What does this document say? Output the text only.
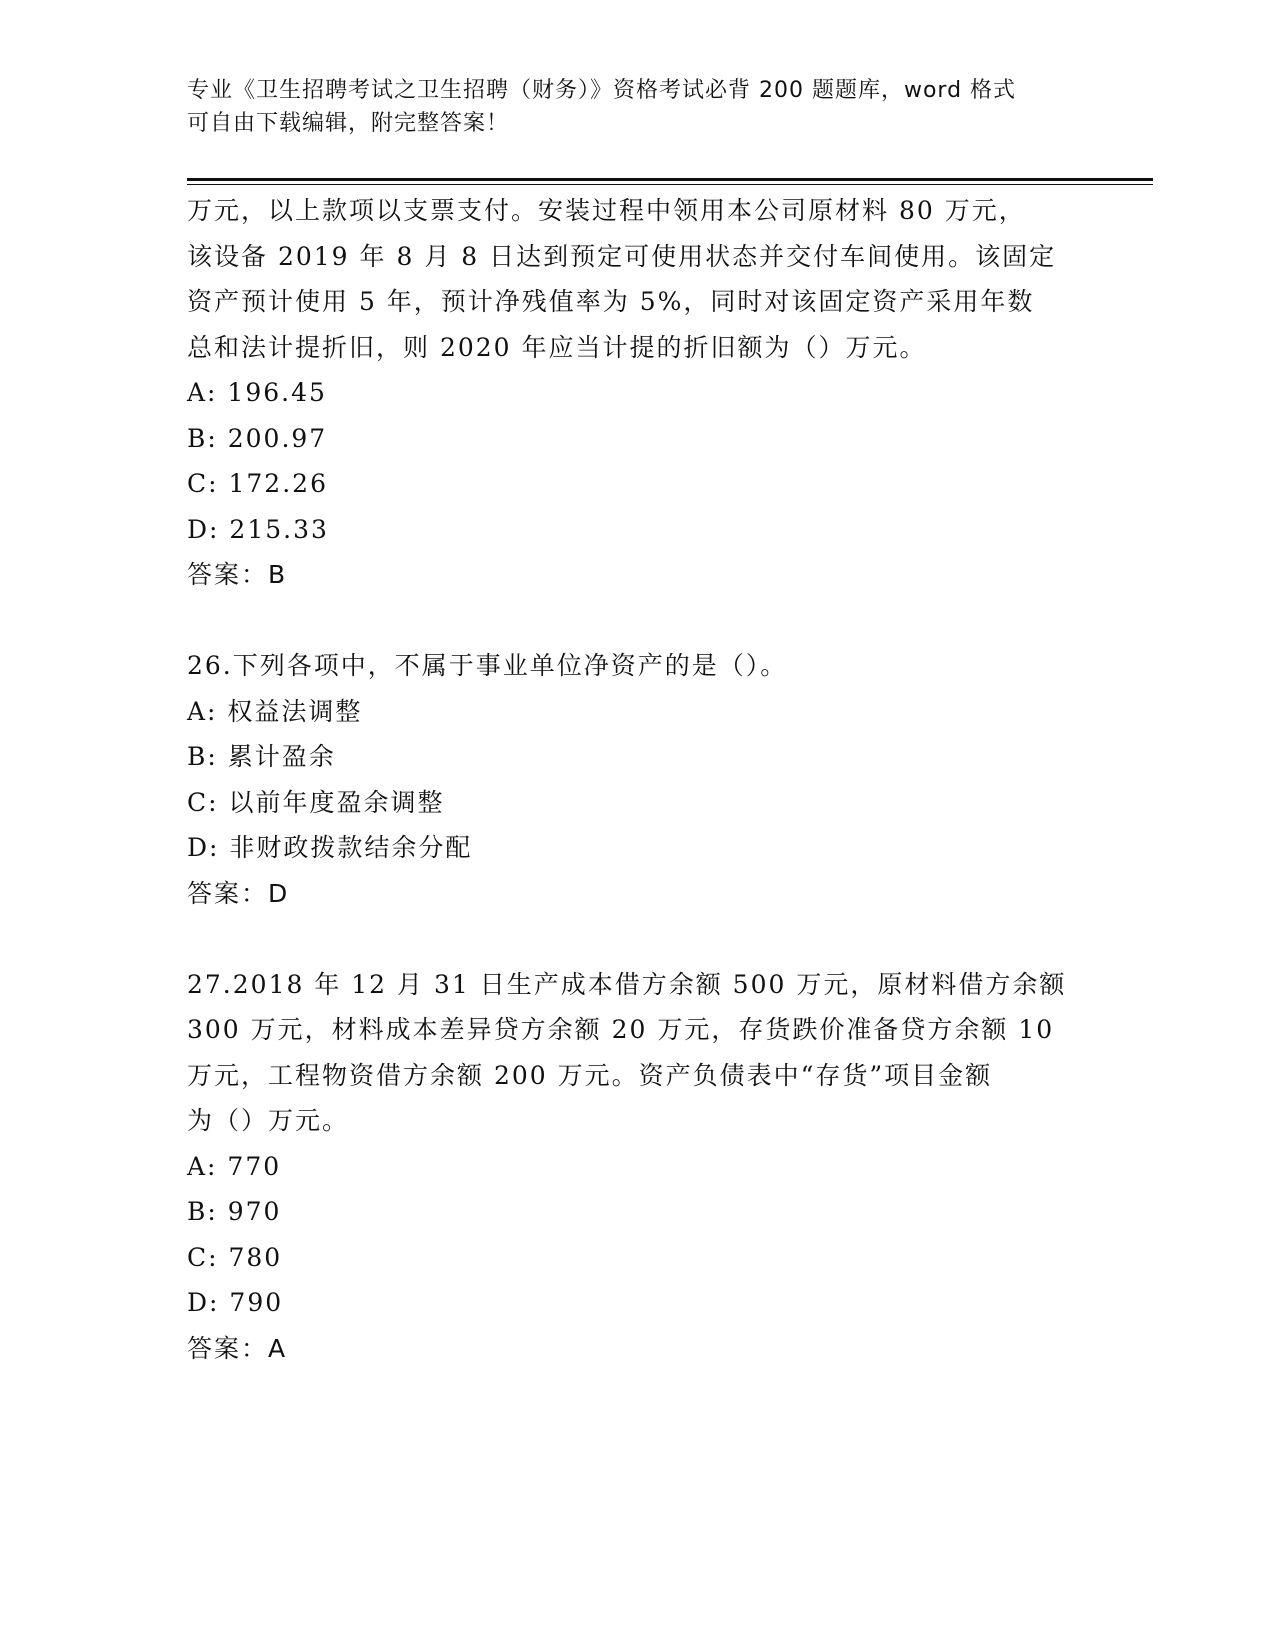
专业《卫生招聘考试之卫生招聘（财务）》资格考试必背 200 题题库，word 格式
可自由下载编辑，附完整答案！

万元，以上款项以支票支付。安装过程中领用本公司原材料 80 万元，

该设备 2019 年 8 月 8 日达到预定可使用状态并交付车间使用。该固定

资产预计使用 5 年，预计净残值率为 5%，同时对该固定资产采用年数

总和法计提折旧，则 2020 年应当计提的折旧额为（）万元。

A: 196.45

B: 200.97

C: 172.26

D: 215.33

答案：B

26.下列各项中，不属于事业单位净资产的是（）。

A: 权益法调整

B: 累计盈余

C: 以前年度盈余调整

D: 非财政拨款结余分配

答案：D

27.2018 年 12 月 31 日生产成本借方余额 500 万元，原材料借方余额

300 万元，材料成本差异贷方余额 20 万元，存货跌价准备贷方余额 10

万元，工程物资借方余额 200 万元。资产负债表中“存货”项目金额

为（）万元。

A: 770

B: 970

C: 780

D: 790

答案：A
